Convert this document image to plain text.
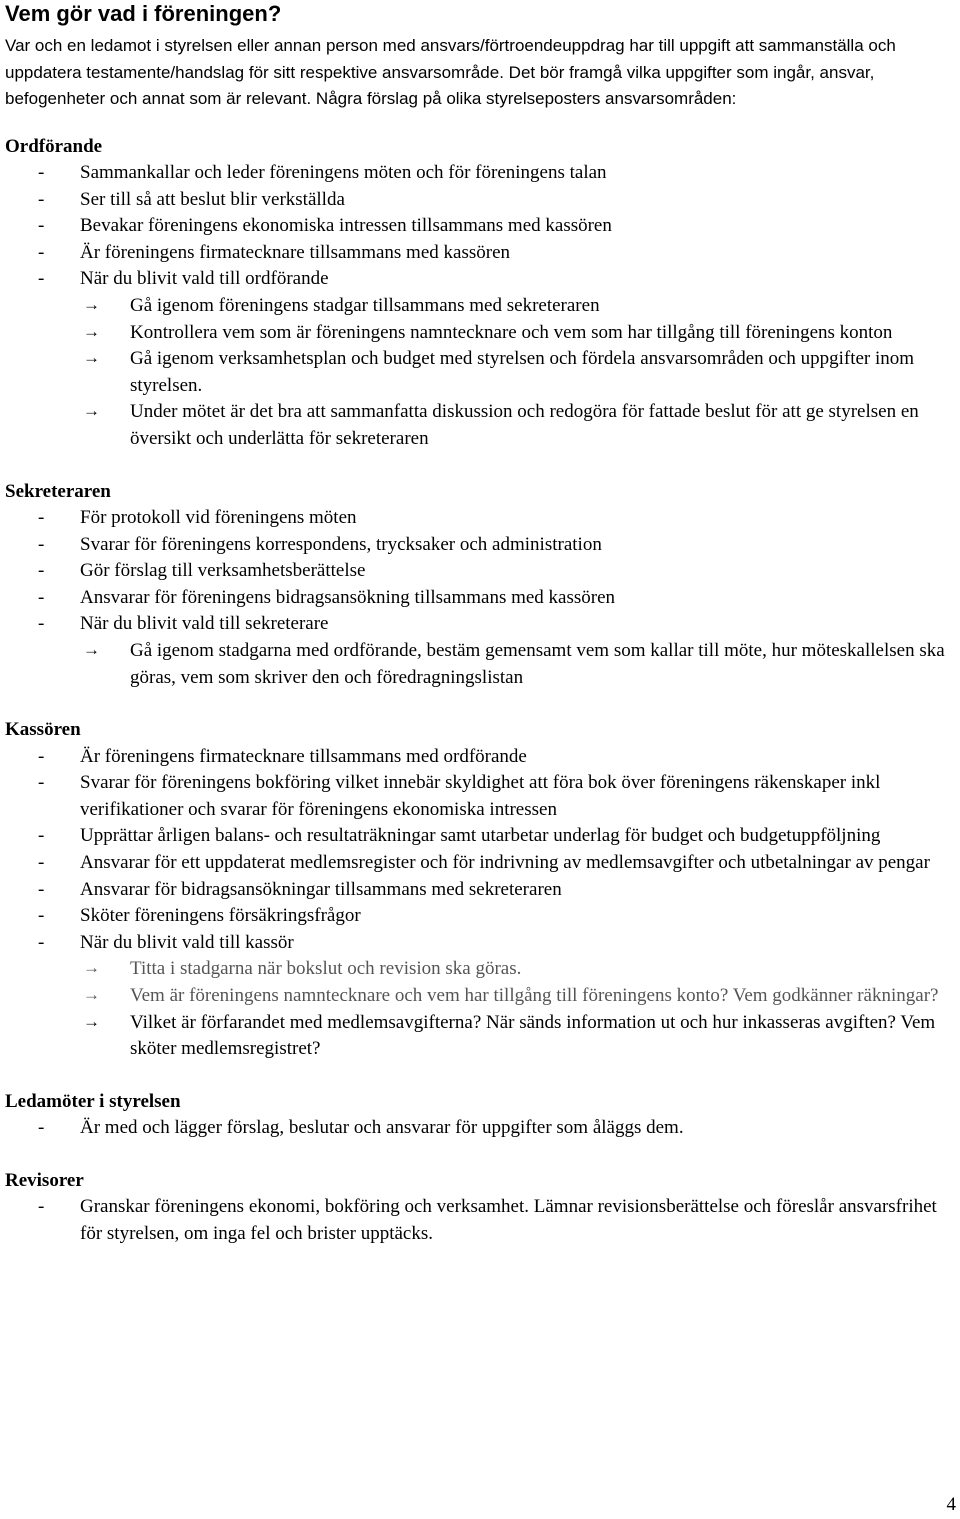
Vem gör vad i föreningen?

Var och en ledamot i styrelsen eller annan person med ansvars/förtroendeuppdrag har till uppgift att sammanställa och uppdatera testamente/handslag för sitt respektive ansvarsområde. Det bör framgå vilka uppgifter som ingår, ansvar, befogenheter och annat som är relevant. Några förslag på olika styrelseposters ansvarsområden:

Ordförande
- Sammankallar och leder föreningens möten och för föreningens talan
- Ser till så att beslut blir verkställda
- Bevakar föreningens ekonomiska intressen tillsammans med kassören
- Är föreningens firmatecknare tillsammans med kassören
- När du blivit vald till ordförande
→ Gå igenom föreningens stadgar tillsammans med sekreteraren
→ Kontrollera vem som är föreningens namntecknare och vem som har tillgång till föreningens konton
→ Gå igenom verksamhetsplan och budget med styrelsen och fördela ansvarsområden och uppgifter inom styrelsen.
→ Under mötet är det bra att sammanfatta diskussion och redogöra för fattade beslut för att ge styrelsen en översikt och underlätta för sekreteraren
Sekreteraren
- För protokoll vid föreningens möten
- Svarar för föreningens korrespondens, trycksaker och administration
- Gör förslag till verksamhetsberättelse
- Ansvarar för föreningens bidragsansökning tillsammans med kassören
- När du blivit vald till sekreterare
→ Gå igenom stadgarna med ordförande, bestäm gemensamt vem som kallar till möte, hur möteskallelsen ska göras, vem som skriver den och föredragningslistan
Kassören
- Är föreningens firmatecknare tillsammans med ordförande
- Svarar för föreningens bokföring vilket innebär skyldighet att föra bok över föreningens räkenskaper inkl verifikationer och svarar för föreningens ekonomiska intressen
- Upprättar årligen balans- och resultaträkningar samt utarbetar underlag för budget och budgetuppföljning
- Ansvarar för ett uppdaterat medlemsregister och för indrivning av medlemsavgifter och utbetalningar av pengar
- Ansvarar för bidragsansökningar tillsammans med sekreteraren
- Sköter föreningens försäkringsfrågor
- När du blivit vald till kassör
→ Titta i stadgarna när bokslut och revision ska göras.
→ Vem är föreningens namntecknare och vem har tillgång till föreningens konto? Vem godkänner räkningar?
→ Vilket är förfarandet med medlemsavgifterna? När sänds information ut och hur inkasseras avgiften? Vem sköter medlemsregistret?
Ledamöter i styrelsen
- Är med och lägger förslag, beslutar och ansvarar för uppgifter som åläggs dem.
Revisorer
- Granskar föreningens ekonomi, bokföring och verksamhet. Lämnar revisionsberättelse och föreslår ansvarsfrihet för styrelsen, om inga fel och brister upptäcks.
4
